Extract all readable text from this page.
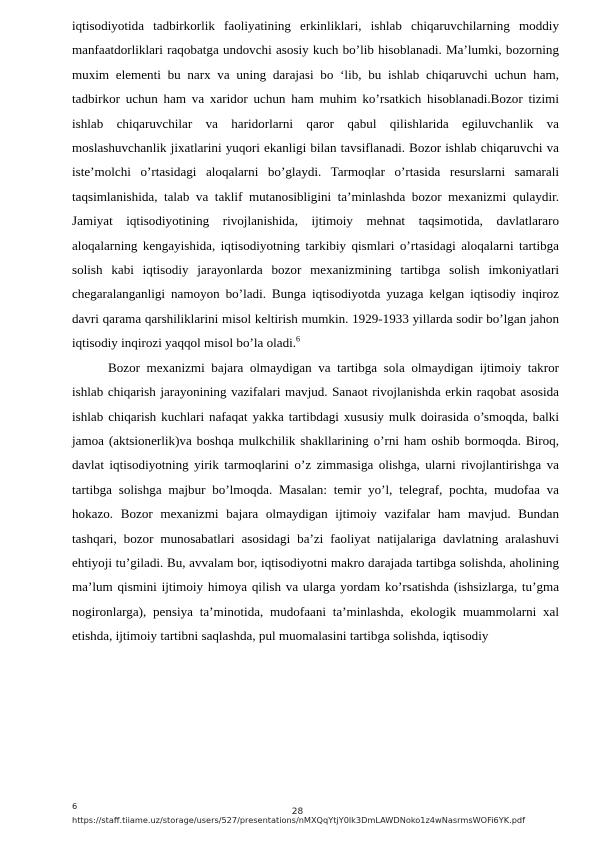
iqtisodiyotida tadbirkorlik faoliyatining erkinliklari, ishlab chiqaruvchilarning moddiy manfaatdorliklari raqobatga undovchi asosiy kuch bo’lib hisoblanadi. Ma’lumki, bozorning muxim elementi bu narx va uning darajasi bo ‘lib, bu ishlab chiqaruvchi uchun ham, tadbirkor uchun ham va xaridor uchun ham muhim ko’rsatkich hisoblanadi.Bozor tizimi ishlab chiqaruvchilar va haridorlarni qaror qabul qilishlarida egiluvchanlik va moslashuvchanlik jixatlarini yuqori ekanligi bilan tavsiflanadi. Bozor ishlab chiqaruvchi va iste’molchi o’rtasidagi aloqalarni bo’glaydi. Tarmoqlar o’rtasida resurslarni samarali taqsimlanishida, talab va taklif mutanosibligini ta’minlashda bozor mexanizmi qulaydir. Jamiyat iqtisodiyotining rivojlanishida, ijtimoiy mehnat taqsimotida, davlatlararo aloqalarning kengayishida, iqtisodiyotning tarkibiy qismlari o’rtasidagi aloqalarni tartibga solish kabi iqtisodiy jarayonlarda bozor mexanizmining tartibga solish imkoniyatlari chegaralanganligi namoyon bo’ladi. Bunga iqtisodiyotda yuzaga kelgan iqtisodiy inqiroz davri qarama qarshiliklarini misol keltirish mumkin. 1929-1933 yillarda sodir bo’lgan jahon iqtisodiy inqirozi yaqqol misol bo’la oladi.$^6$

Bozor mexanizmi bajara olmaydigan va tartibga sola olmaydigan ijtimoiy takror ishlab chiqarish jarayonining vazifalari mavjud. Sanaot rivojlanishda erkin raqobat asosida ishlab chiqarish kuchlari nafaqat yakka tartibdagi xususiy mulk doirasida o’smoqda, balki jamoa (aktsionerlik)va boshqa mulkchilik shakllarining o’rni ham oshib bormoqda. Biroq, davlat iqtisodiyotning yirik tarmoqlarini o’z zimmasiga olishga, ularni rivojlantirishga va tartibga solishga majbur bo’lmoqda. Masalan: temir yo’l, telegraf, pochta, mudofaa va hokazo. Bozor mexanizmi bajara olmaydigan ijtimoiy vazifalar ham mavjud. Bundan tashqari, bozor munosabatlari asosidagi ba’zi faoliyat natijalariga davlatning aralashuvi ehtiyoji tu’giladi. Bu, avvalam bor, iqtisodiyotni makro darajada tartibga solishda, aholining ma’lum qismini ijtimoiy himoya qilish va ularga yordam ko’rsatishda (ishsizlarga, tu’gma nogironlarga), pensiya ta’minotida, mudofaani ta’minlashda, ekologik muammolarni xal etishda, ijtimoiy tartibni saqlashda, pul muomalasini tartibga solishda, iqtisodiy

6
https://staff.tiiame.uz/storage/users/527/presentations/nMXQqYtjY0lk3DmLAWDNoko1z4wNasrmsWOFi6YK.pdf
28
